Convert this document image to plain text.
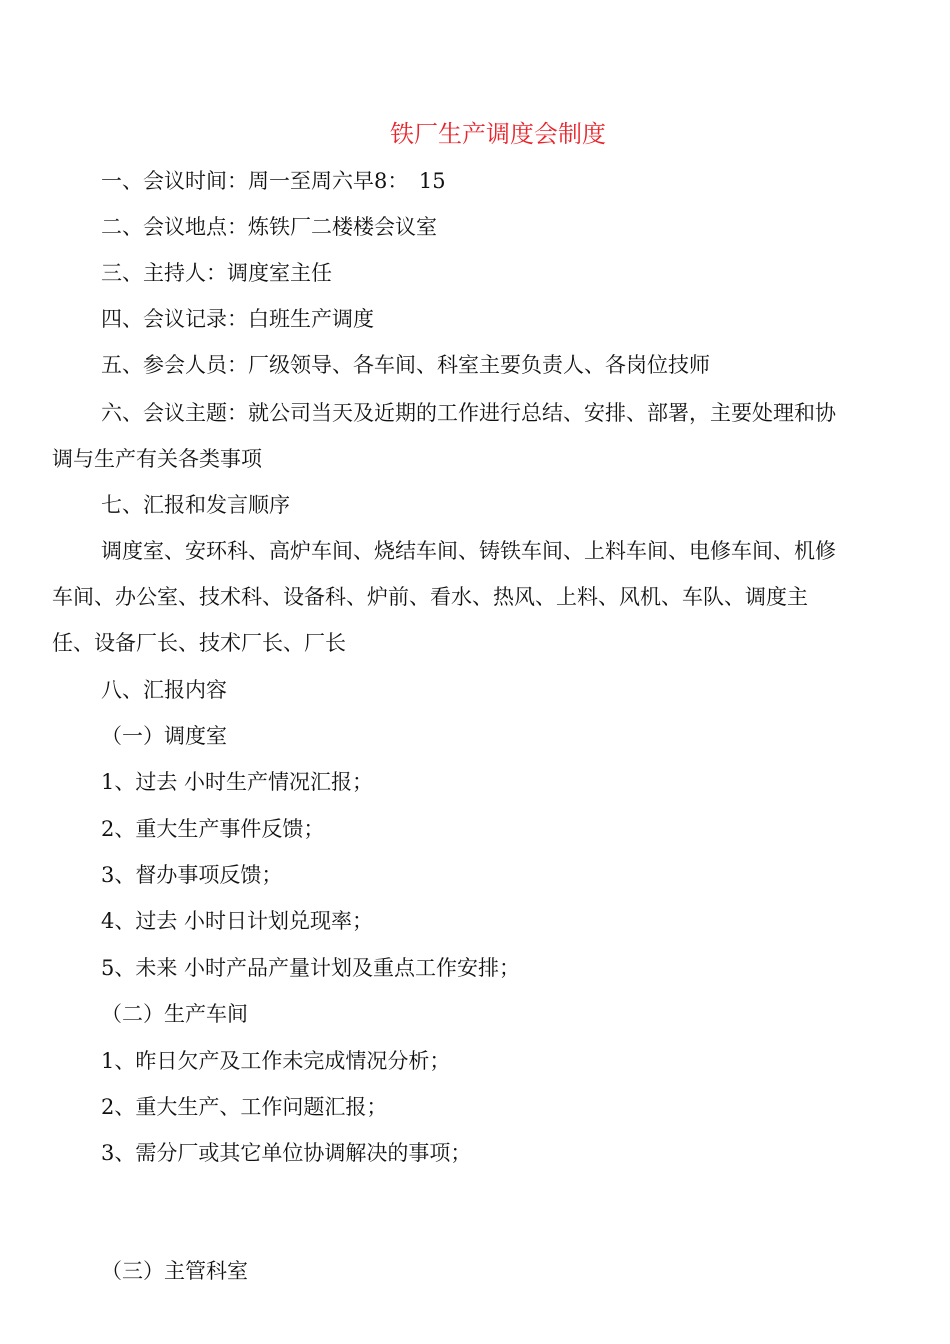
铁厂生产调度会制度
一、会议时间：周一至周六早8：　15
二、会议地点：炼铁厂二楼楼会议室
三、主持人：调度室主任
四、会议记录：白班生产调度
五、参会人员：厂级领导、各车间、科室主要负责人、各岗位技师
六、会议主题：就公司当天及近期的工作进行总结、安排、部署，主要处理和协
调与生产有关各类事项
七、汇报和发言顺序
调度室、安环科、高炉车间、烧结车间、铸铁车间、上料车间、电修车间、机修
车间、办公室、技术科、设备科、炉前、看水、热风、上料、风机、车队、调度主
任、设备厂长、技术厂长、厂长
八、汇报内容
（一）调度室
1、过去 小时生产情况汇报；
2、重大生产事件反馈；
3、督办事项反馈；
4、过去 小时日计划兑现率；
5、未来 小时产品产量计划及重点工作安排；
（二）生产车间
1、昨日欠产及工作未完成情况分析；
2、重大生产、工作问题汇报；
3、需分厂或其它单位协调解决的事项；
（三）主管科室
